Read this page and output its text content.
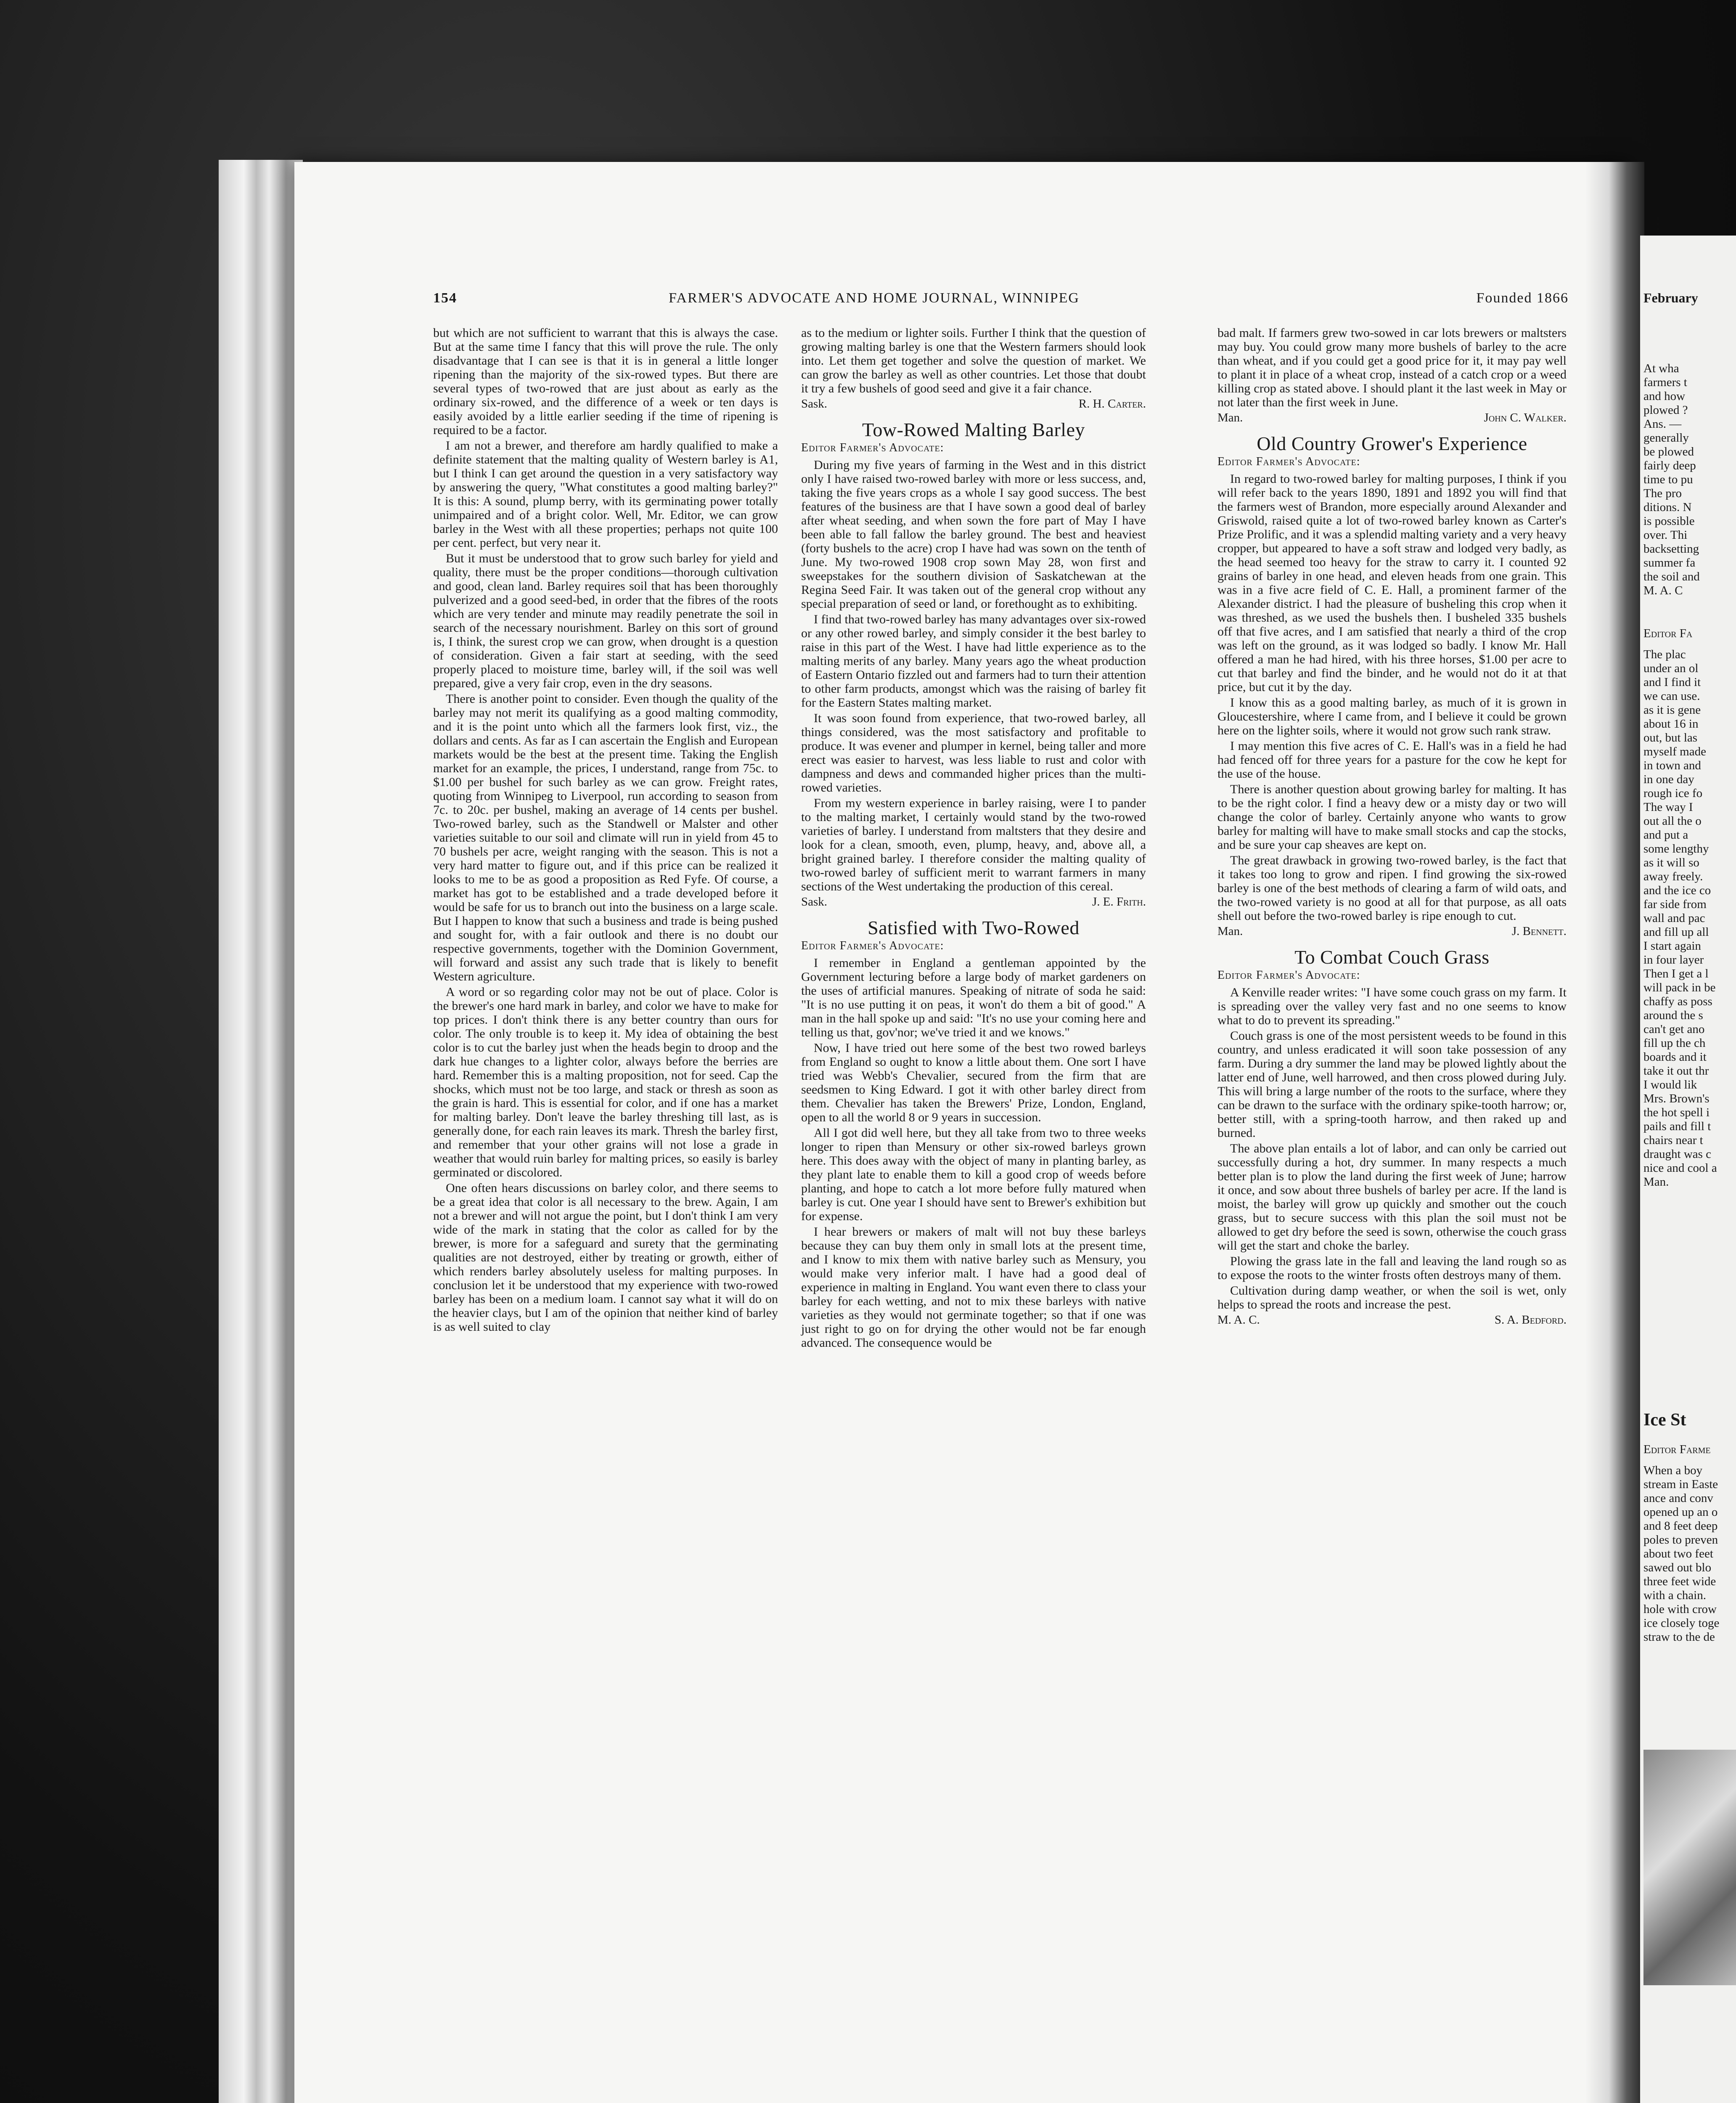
154	FARMER'S ADVOCATE AND HOME JOURNAL, WINNIPEG	Founded 1866

but which are not sufficient to warrant that this is always the case. But at the same time I fancy that this will prove the rule. The only disadvantage that I can see is that it is in general a little longer ripening than the majority of the six-rowed types. But there are several types of two-rowed that are just about as early as the ordinary six-rowed, and the difference of a week or ten days is easily avoided by a little earlier seeding if the time of ripening is required to be a factor.

I am not a brewer, and therefore am hardly qualified to make a definite statement that the malting quality of Western barley is A1, but I think I can get around the question in a very satisfactory way by answering the query, "What constitutes a good malting barley?" It is this: A sound, plump berry, with its germinating power totally unimpaired and of a bright color. Well, Mr. Editor, we can grow barley in the West with all these properties; perhaps not quite 100 per cent. perfect, but very near it.

But it must be understood that to grow such barley for yield and quality, there must be the proper conditions—thorough cultivation and good, clean land. Barley requires soil that has been thoroughly pulverized and a good seed-bed, in order that the fibres of the roots which are very tender and minute may readily penetrate the soil in search of the necessary nourishment. Barley on this sort of ground is, I think, the surest crop we can grow, when drought is a question of consideration. Given a fair start at seeding, with the seed properly placed to moisture time, barley will, if the soil was well prepared, give a very fair crop, even in the dry seasons.

There is another point to consider. Even though the quality of the barley may not merit its qualifying as a good malting commodity, and it is the point unto which all the farmers look first, viz., the dollars and cents. As far as I can ascertain the English and European markets would be the best at the present time. Taking the English market for an example, the prices, I understand, range from 75c. to $1.00 per bushel for such barley as we can grow. Freight rates, quoting from Winnipeg to Liverpool, run according to season from 7c. to 20c. per bushel, making an average of 14 cents per bushel. Two-rowed barley, such as the Standwell or Malster and other varieties suitable to our soil and climate will run in yield from 45 to 70 bushels per acre, weight ranging with the season. This is not a very hard matter to figure out, and if this price can be realized it looks to me to be as good a proposition as Red Fyfe. Of course, a market has got to be established and a trade developed before it would be safe for us to branch out into the business on a large scale. But I happen to know that such a business and trade is being pushed and sought for, with a fair outlook and there is no doubt our respective governments, together with the Dominion Government, will forward and assist any such trade that is likely to benefit Western agriculture.

A word or so regarding color may not be out of place. Color is the brewer's one hard mark in barley, and color we have to make for top prices. I don't think there is any better country than ours for color. The only trouble is to keep it. My idea of obtaining the best color is to cut the barley just when the heads begin to droop and the dark hue changes to a lighter color, always before the berries are hard. Remember this is a malting proposition, not for seed. Cap the shocks, which must not be too large, and stack or thresh as soon as the grain is hard. This is essential for color, and if one has a market for malting barley. Don't leave the barley threshing till last, as is generally done, for each rain leaves its mark. Thresh the barley first, and remember that your other grains will not lose a grade in weather that would ruin barley for malting prices, so easily is barley germinated or discolored.

One often hears discussions on barley color, and there seems to be a great idea that color is all necessary to the brew. Again, I am not a brewer and will not argue the point, but I don't think I am very wide of the mark in stating that the color as called for by the brewer, is more for a safeguard and surety that the germinating qualities are not destroyed, either by treating or growth, either of which renders barley absolutely useless for malting purposes. In conclusion let it be understood that my experience with two-rowed barley has been on a medium loam. I cannot say what it will do on the heavier clays, but I am of the opinion that neither kind of barley is as well suited to clay

as to the medium or lighter soils. Further I think that the question of growing malting barley is one that the Western farmers should look into. Let them get together and solve the question of market. We can grow the barley as well as other countries. Let those that doubt it try a few bushels of good seed and give it a fair chance.

Sask.	R. H. Carter.
Tow-Rowed Malting Barley
Editor Farmer's Advocate:

During my five years of farming in the West and in this district only I have raised two-rowed barley with more or less success, and, taking the five years crops as a whole I say good success. The best features of the business are that I have sown a good deal of barley after wheat seeding, and when sown the fore part of May I have been able to fall fallow the barley ground. The best and heaviest (forty bushels to the acre) crop I have had was sown on the tenth of June. My two-rowed 1908 crop sown May 28, won first and sweepstakes for the southern division of Saskatchewan at the Regina Seed Fair. It was taken out of the general crop without any special preparation of seed or land, or forethought as to exhibiting.

I find that two-rowed barley has many advantages over six-rowed or any other rowed barley, and simply consider it the best barley to raise in this part of the West. I have had little experience as to the malting merits of any barley. Many years ago the wheat production of Eastern Ontario fizzled out and farmers had to turn their attention to other farm products, amongst which was the raising of barley fit for the Eastern States malting market.

It was soon found from experience, that two-rowed barley, all things considered, was the most satisfactory and profitable to produce. It was evener and plumper in kernel, being taller and more erect was easier to harvest, was less liable to rust and color with dampness and dews and commanded higher prices than the multi-rowed varieties.

From my western experience in barley raising, were I to pander to the malting market, I certainly would stand by the two-rowed varieties of barley. I understand from maltsters that they desire and look for a clean, smooth, even, plump, heavy, and, above all, a bright grained barley. I therefore consider the malting quality of two-rowed barley of sufficient merit to warrant farmers in many sections of the West undertaking the production of this cereal.

Sask.	J. E. Frith.
Satisfied with Two-Rowed
Editor Farmer's Advocate:

I remember in England a gentleman appointed by the Government lecturing before a large body of market gardeners on the uses of artificial manures. Speaking of nitrate of soda he said: "It is no use putting it on peas, it won't do them a bit of good." A man in the hall spoke up and said: "It's no use your coming here and telling us that, gov'nor; we've tried it and we knows."

Now, I have tried out here some of the best two rowed barleys from England so ought to know a little about them. One sort I have tried was Webb's Chevalier, secured from the firm that are seedsmen to King Edward. I got it with other barley direct from them. Chevalier has taken the Brewers' Prize, London, England, open to all the world 8 or 9 years in succession.

All I got did well here, but they all take from two to three weeks longer to ripen than Mensury or other six-rowed barleys grown here. This does away with the object of many in planting barley, as they plant late to enable them to kill a good crop of weeds before planting, and hope to catch a lot more before fully matured when barley is cut. One year I should have sent to Brewer's exhibition but for expense.

I hear brewers or makers of malt will not buy these barleys because they can buy them only in small lots at the present time, and I know to mix them with native barley such as Mensury, you would make very inferior malt. I have had a good deal of experience in malting in England. You want even there to class your barley for each wetting, and not to mix these barleys with native varieties as they would not germinate together; so that if one was just right to go on for drying the other would not be far enough advanced. The consequence would be

bad malt. If farmers grew two-sowed in car lots brewers or maltsters may buy. You could grow many more bushels of barley to the acre than wheat, and if you could get a good price for it, it may pay well to plant it in place of a wheat crop, instead of a catch crop or a weed killing crop as stated above. I should plant it the last week in May or not later than the first week in June.

Man.	John C. Walker.
Old Country Grower's Experience
Editor Farmer's Advocate:

In regard to two-rowed barley for malting purposes, I think if you will refer back to the years 1890, 1891 and 1892 you will find that the farmers west of Brandon, more especially around Alexander and Griswold, raised quite a lot of two-rowed barley known as Carter's Prize Prolific, and it was a splendid malting variety and a very heavy cropper, but appeared to have a soft straw and lodged very badly, as the head seemed too heavy for the straw to carry it. I counted 92 grains of barley in one head, and eleven heads from one grain. This was in a five acre field of C. E. Hall, a prominent farmer of the Alexander district. I had the pleasure of busheling this crop when it was threshed, as we used the bushels then. I busheled 335 bushels off that five acres, and I am satisfied that nearly a third of the crop was left on the ground, as it was lodged so badly. I know Mr. Hall offered a man he had hired, with his three horses, $1.00 per acre to cut that barley and find the binder, and he would not do it at that price, but cut it by the day.

I know this as a good malting barley, as much of it is grown in Gloucestershire, where I came from, and I believe it could be grown here on the lighter soils, where it would not grow such rank straw.

I may mention this five acres of C. E. Hall's was in a field he had had fenced off for three years for a pasture for the cow he kept for the use of the house.

There is another question about growing barley for malting. It has to be the right color. I find a heavy dew or a misty day or two will change the color of barley. Certainly anyone who wants to grow barley for malting will have to make small stocks and cap the stocks, and be sure your cap sheaves are kept on.

The great drawback in growing two-rowed barley, is the fact that it takes too long to grow and ripen. I find growing the six-rowed barley is one of the best methods of clearing a farm of wild oats, and the two-rowed variety is no good at all for that purpose, as all oats shell out before the two-rowed barley is ripe enough to cut.

Man.	J. Bennett.
To Combat Couch Grass
Editor Farmer's Advocate:

A Kenville reader writes: "I have some couch grass on my farm. It is spreading over the valley very fast and no one seems to know what to do to prevent its spreading."

Couch grass is one of the most persistent weeds to be found in this country, and unless eradicated it will soon take possession of any farm. During a dry summer the land may be plowed lightly about the latter end of June, well harrowed, and then cross plowed during July. This will bring a large number of the roots to the surface, where they can be drawn to the surface with the ordinary spike-tooth harrow; or, better still, with a spring-tooth harrow, and then raked up and burned.

The above plan entails a lot of labor, and can only be carried out successfully during a hot, dry summer. In many respects a much better plan is to plow the land during the first week of June; harrow it once, and sow about three bushels of barley per acre. If the land is moist, the barley will grow up quickly and smother out the couch grass, but to secure success with this plan the soil must not be allowed to get dry before the seed is sown, otherwise the couch grass will get the start and choke the barley.

Plowing the grass late in the fall and leaving the land rough so as to expose the roots to the winter frosts often destroys many of them.

Cultivation during damp weather, or when the soil is wet, only helps to spread the roots and increase the pest.

M. A. C.	S. A. Bedford.
February
At wha
farmers t
and how
plowed ?
Ans. —
generally
be plowed
fairly deep
time to pu
The pro
ditions. N
is possible
over. Thi
backsetting
summer fa
the soil and
M. A. C
Editor Fa
The plac
under an ol
and I find it
we can use.
as it is gene
about 16 in
out, but las
myself made
in town and
in one day
rough ice fo
The way I
out all the o
and put a
some lengthy
as it will so
away freely.
and the ice co
far side from
wall and pac
and fill up all
I start again
in four layer
Then I get a l
will pack in be
chaffy as poss
around the s
can't get ano
fill up the ch
boards and it
take it out thr
I would lik
Mrs. Brown's
the hot spell i
pails and fill t
chairs near t
draught was c
nice and cool a
Man.
Ice St
Editor Farme
When a boy
stream in Easte
ance and conv
opened up an o
and 8 feet deep
poles to preven
about two feet
sawed out blo
three feet wide
with a chain.
hole with crow
ice closely toge
straw to the de
